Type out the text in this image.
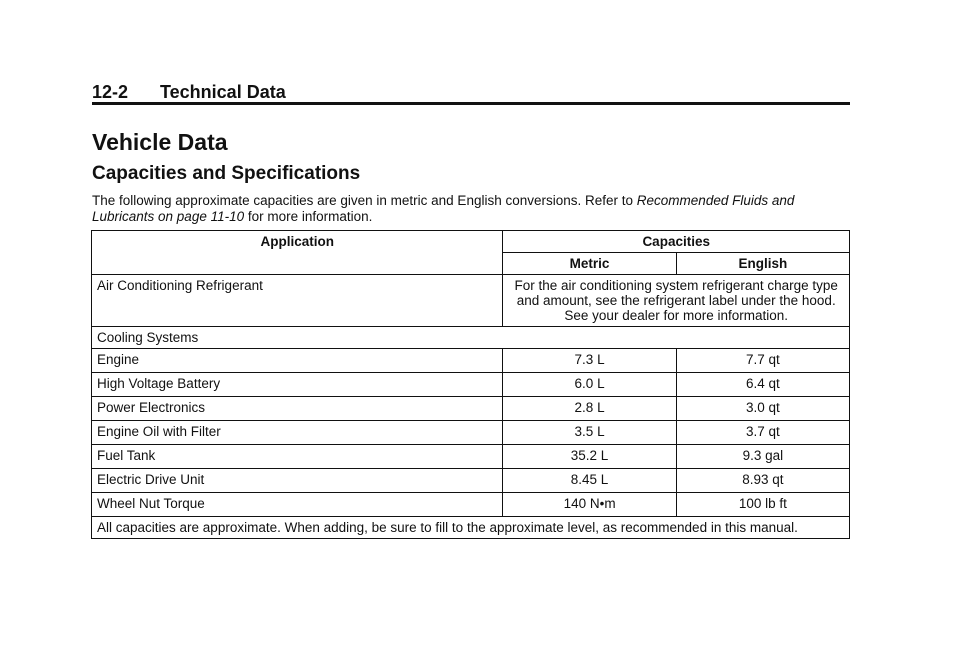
12-2 Technical Data
Vehicle Data
Capacities and Specifications

The following approximate capacities are given in metric and English conversions. Refer to Recommended Fluids and Lubricants on page 11-10 for more information.

Application	Capacities	
	Metric	English
Air Conditioning Refrigerant	For the air conditioning system refrigerant charge type and amount, see the refrigerant label under the hood. See your dealer for more information.	
Cooling Systems		
Engine	7.3 L	7.7 qt
High Voltage Battery	6.0 L	6.4 qt
Power Electronics	2.8 L	3.0 qt
Engine Oil with Filter	3.5 L	3.7 qt
Fuel Tank	35.2 L	9.3 gal
Electric Drive Unit	8.45 L	8.93 qt
Wheel Nut Torque	140 N•m	100 lb ft
All capacities are approximate. When adding, be sure to fill to the approximate level, as recommended in this manual.		
